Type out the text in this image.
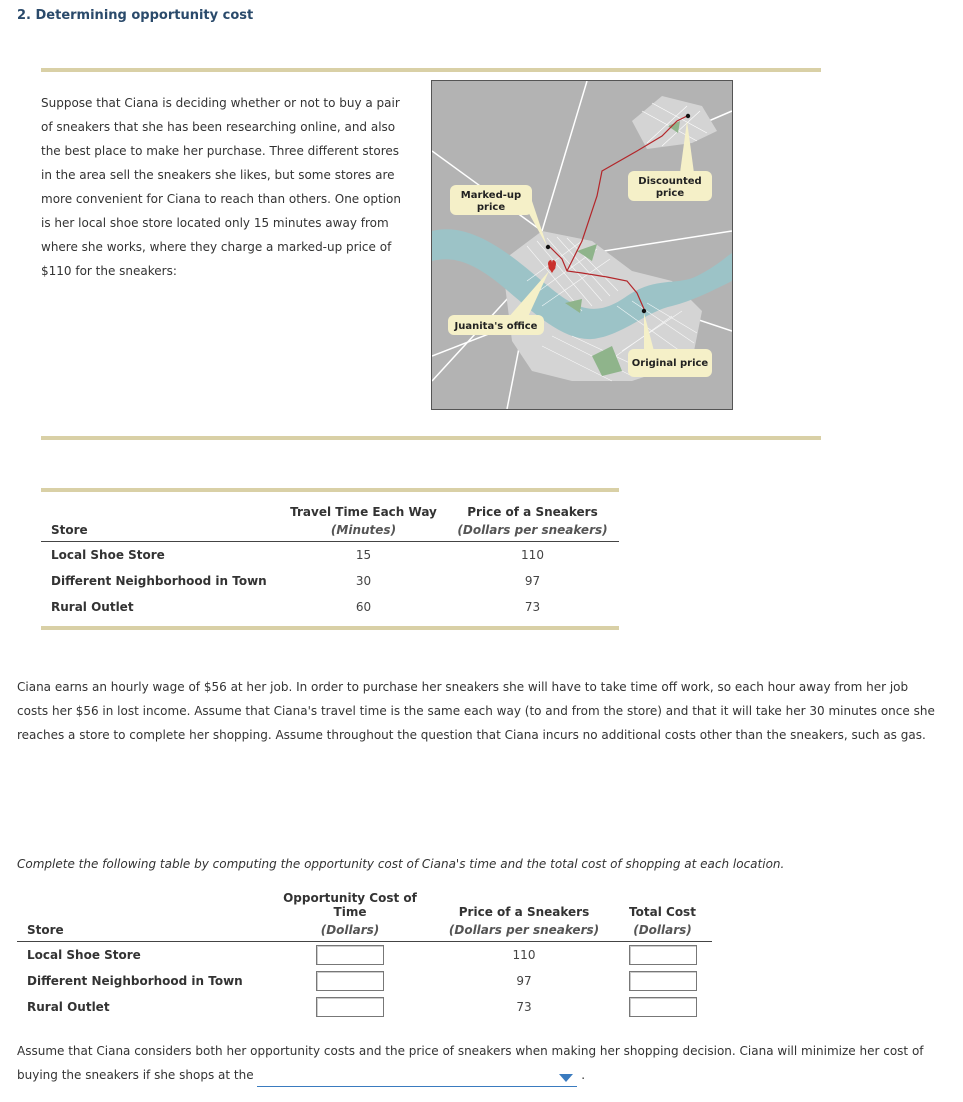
2. Determining opportunity cost
Suppose that Ciana is deciding whether or not to buy a pair of sneakers that she has been researching online, and also the best place to make her purchase. Three different stores in the area sell the sneakers she likes, but some stores are more convenient for Ciana to reach than others. One option is her local shoe store located only 15 minutes away from where she works, where they charge a marked-up price of $110 for the sneakers:
Marked-up
price
Discounted
price
Juanita's office
Original price
	Travel Time Each Way	Price of a Sneakers
Store	(Minutes)	(Dollars per sneakers)
Local Shoe Store	15	110
Different Neighborhood in Town	30	97
Rural Outlet	60	73
Ciana earns an hourly wage of $56 at her job. In order to purchase her sneakers she will have to take time off work, so each hour away from her job costs her $56 in lost income. Assume that Ciana's travel time is the same each way (to and from the store) and that it will take her 30 minutes once she reaches a store to complete her shopping. Assume throughout the question that Ciana incurs no additional costs other than the sneakers, such as gas.
Complete the following table by computing the opportunity cost of Ciana's time and the total cost of shopping at each location.
	Opportunity Cost of Time	Price of a Sneakers	Total Cost
Store	(Dollars)	(Dollars per sneakers)	(Dollars)
Local Shoe Store		110	
Different Neighborhood in Town		97	
Rural Outlet		73	
Assume that Ciana considers both her opportunity costs and the price of sneakers when making her shopping decision. Ciana will minimize her cost of buying the sneakers if she shops at the	.
